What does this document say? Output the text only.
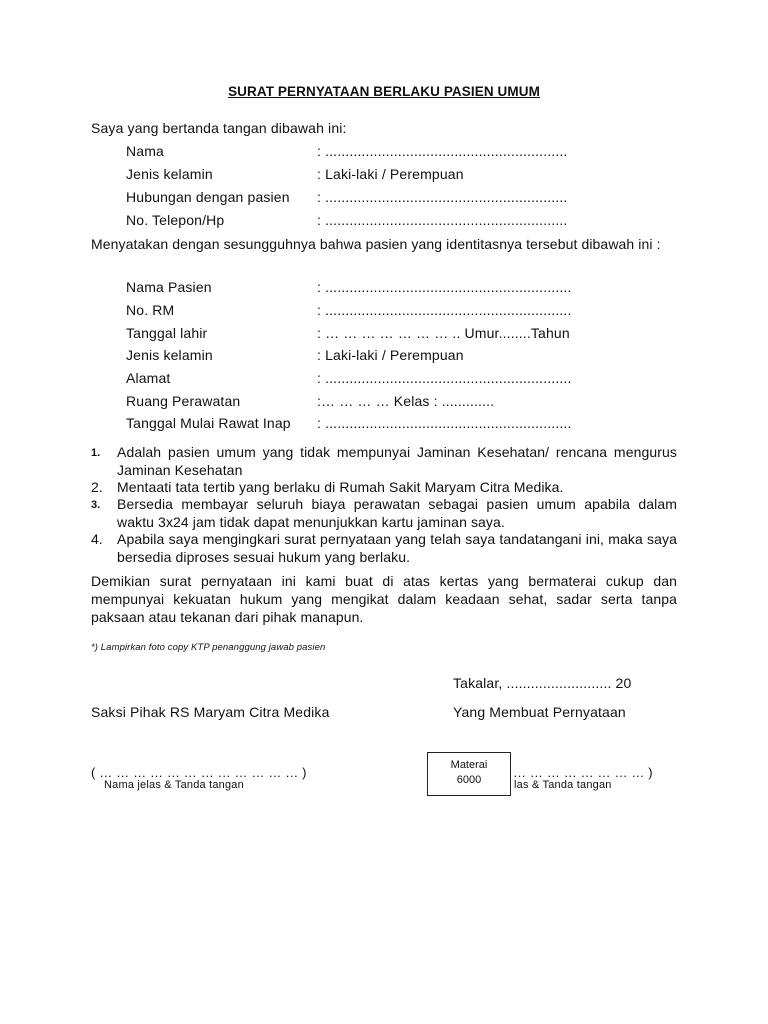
SURAT PERNYATAAN BERLAKU PASIEN UMUM
Saya yang bertanda tangan dibawah ini:
Nama	: ............................................................
Jenis kelamin	: Laki-laki / Perempuan
Hubungan dengan pasien : ............................................................
No. Telepon/Hp	: ............................................................
Menyatakan dengan sesungguhnya bahwa pasien yang identitasnya tersebut dibawah ini :
Nama Pasien	: .............................................................
No. RM	: .............................................................
Tanggal lahir	: … … … … … … … .. Umur........Tahun
Jenis kelamin	: Laki-laki / Perempuan
Alamat	: .............................................................
Ruang Perawatan	:… … … … Kelas : .............
Tanggal Mulai Rawat Inap : .............................................................
1. Adalah pasien umum yang tidak mempunyai Jaminan Kesehatan/ rencana mengurus Jaminan Kesehatan
2. Mentaati tata tertib yang berlaku di Rumah Sakit Maryam Citra Medika.
3. Bersedia membayar seluruh biaya perawatan sebagai pasien umum apabila dalam waktu 3x24 jam tidak dapat menunjukkan kartu jaminan saya.
4. Apabila saya mengingkari surat pernyataan yang telah saya tandatangani ini, maka saya bersedia diproses sesuai hukum yang berlaku.
Demikian surat pernyataan ini kami buat di atas kertas yang bermaterai cukup dan mempunyai kekuatan hukum yang mengikat dalam keadaan sehat, sadar serta tanpa paksaan atau tekanan dari pihak manapun.
*) Lampirkan foto copy KTP penanggung jawab pasien
Takalar, .......................... 20
Saksi Pihak RS Maryam Citra Medika	Yang Membuat Pernyataan
( … … … … … … … … … … … … )
Nama jelas & Tanda tangan
… … … … … … … … )
las & Tanda tangan
Materai
6000
